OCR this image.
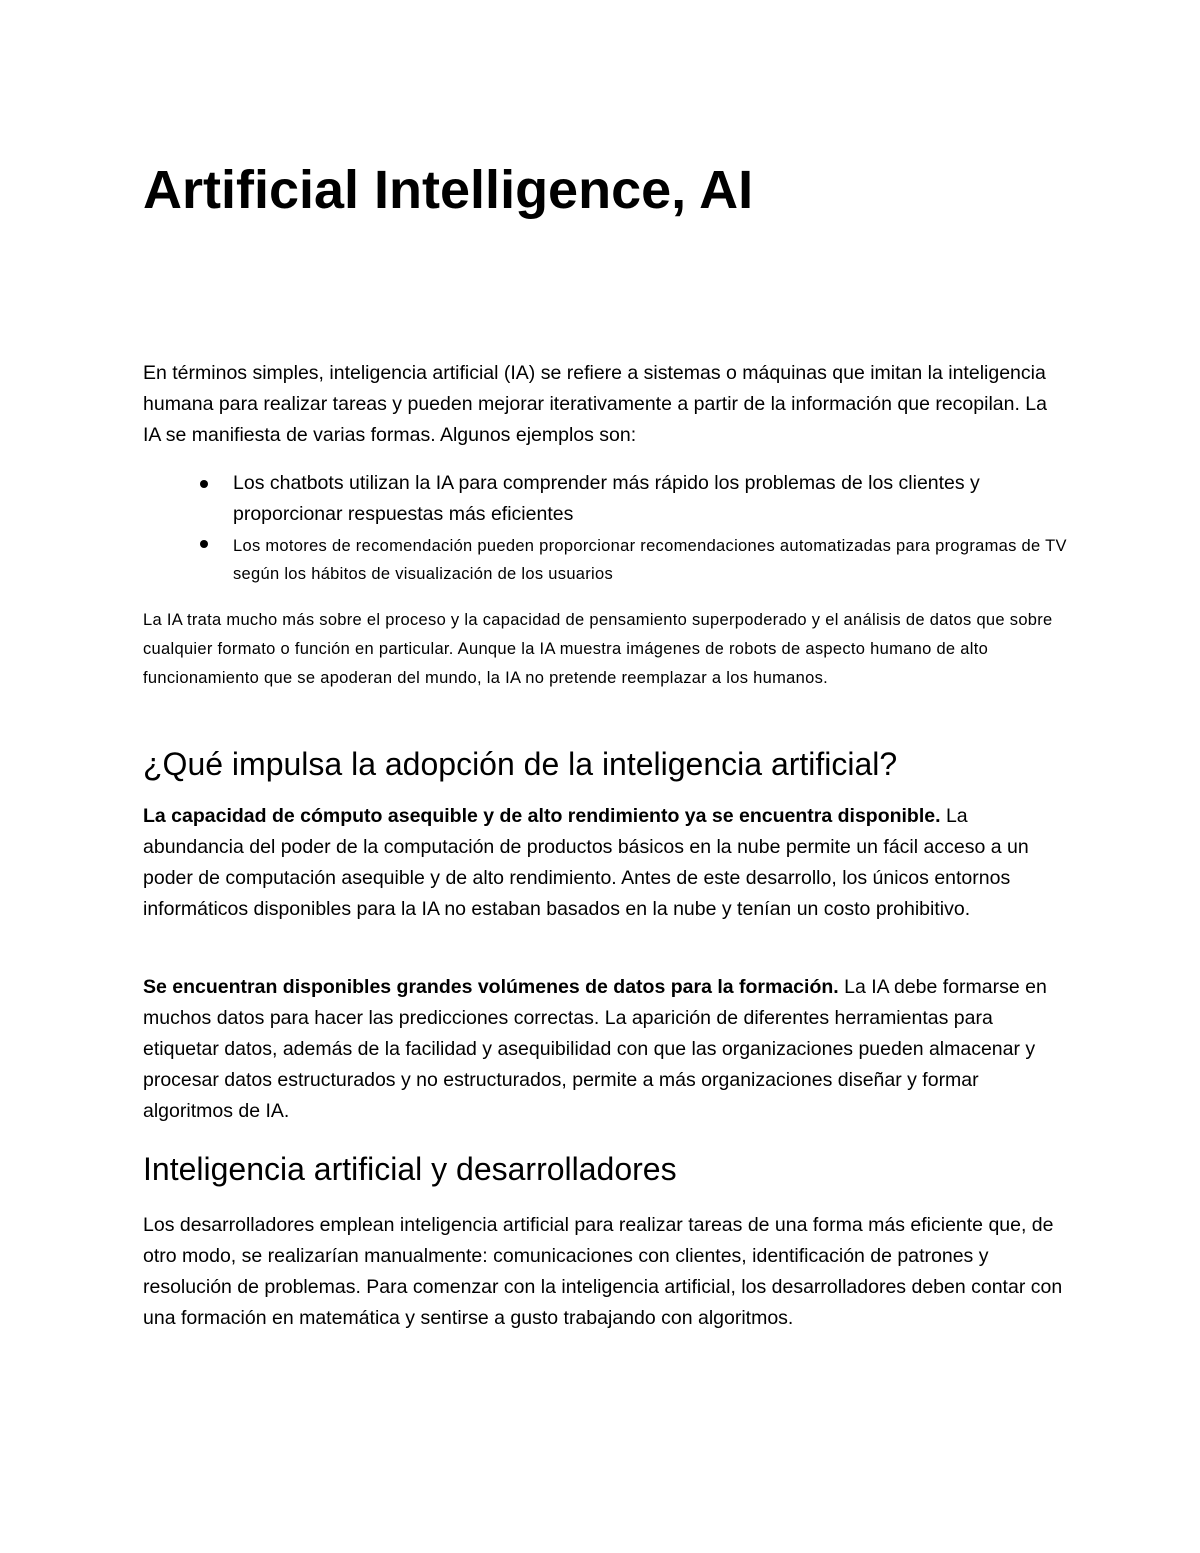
Artificial Intelligence, AI

En términos simples, inteligencia artificial (IA) se refiere a sistemas o máquinas que imitan la inteligencia humana para realizar tareas y pueden mejorar iterativamente a partir de la información que recopilan. La IA se manifiesta de varias formas. Algunos ejemplos son:

Los chatbots utilizan la IA para comprender más rápido los problemas de los clientes y proporcionar respuestas más eficientes
Los motores de recomendación pueden proporcionar recomendaciones automatizadas para programas de TV según los hábitos de visualización de los usuarios

La IA trata mucho más sobre el proceso y la capacidad de pensamiento superpoderado y el análisis de datos que sobre cualquier formato o función en particular. Aunque la IA muestra imágenes de robots de aspecto humano de alto funcionamiento que se apoderan del mundo, la IA no pretende reemplazar a los humanos.

¿Qué impulsa la adopción de la inteligencia artificial?

La capacidad de cómputo asequible y de alto rendimiento ya se encuentra disponible. La abundancia del poder de la computación de productos básicos en la nube permite un fácil acceso a un poder de computación asequible y de alto rendimiento. Antes de este desarrollo, los únicos entornos informáticos disponibles para la IA no estaban basados en la nube y tenían un costo prohibitivo.

Se encuentran disponibles grandes volúmenes de datos para la formación. La IA debe formarse en muchos datos para hacer las predicciones correctas. La aparición de diferentes herramientas para etiquetar datos, además de la facilidad y asequibilidad con que las organizaciones pueden almacenar y procesar datos estructurados y no estructurados, permite a más organizaciones diseñar y formar algoritmos de IA.

Inteligencia artificial y desarrolladores

Los desarrolladores emplean inteligencia artificial para realizar tareas de una forma más eficiente que, de otro modo, se realizarían manualmente: comunicaciones con clientes, identificación de patrones y resolución de problemas. Para comenzar con la inteligencia artificial, los desarrolladores deben contar con una formación en matemática y sentirse a gusto trabajando con algoritmos.
